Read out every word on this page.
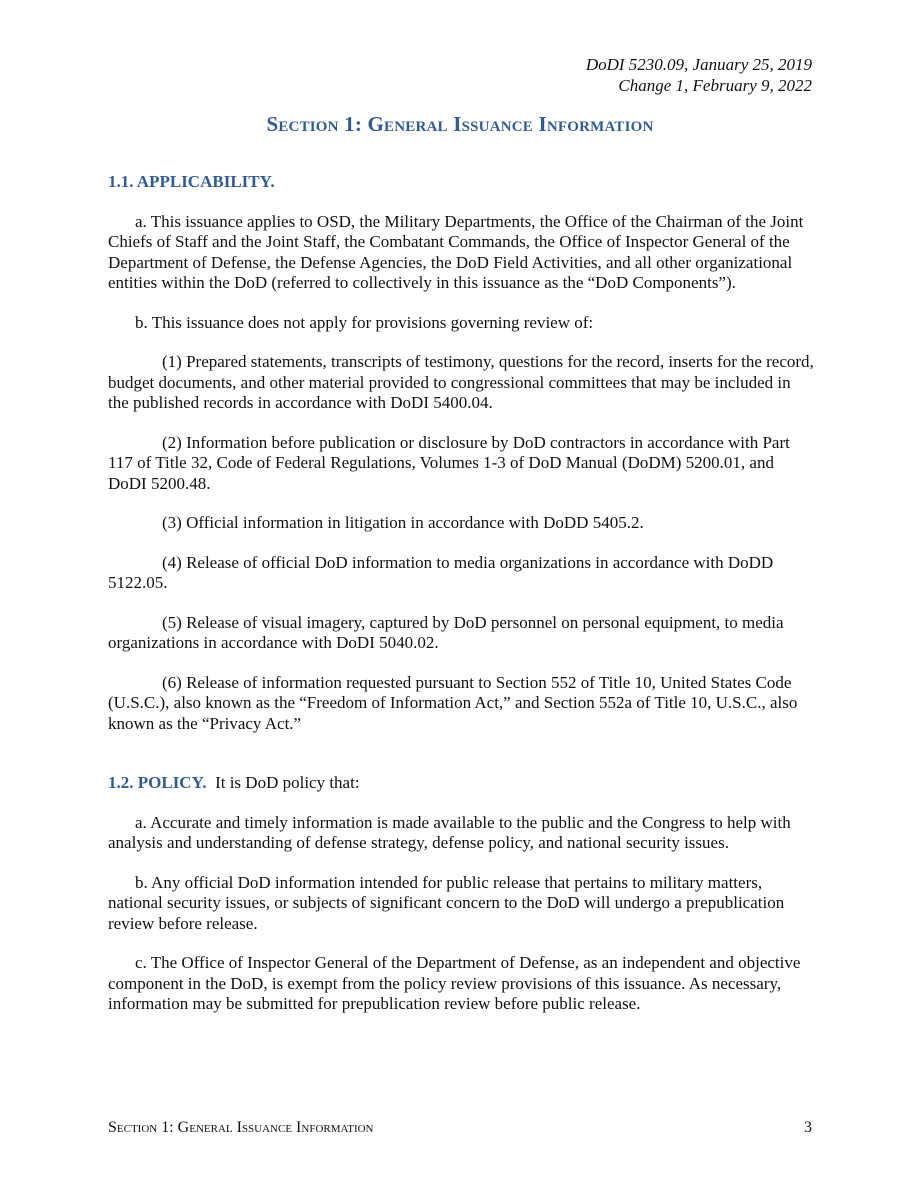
DoDI 5230.09, January 25, 2019
Change 1, February 9, 2022
Section 1: General Issuance Information
1.1. APPLICABILITY.

a. This issuance applies to OSD, the Military Departments, the Office of the Chairman of the Joint Chiefs of Staff and the Joint Staff, the Combatant Commands, the Office of Inspector General of the Department of Defense, the Defense Agencies, the DoD Field Activities, and all other organizational entities within the DoD (referred to collectively in this issuance as the “DoD Components”).

b. This issuance does not apply for provisions governing review of:

(1) Prepared statements, transcripts of testimony, questions for the record, inserts for the record, budget documents, and other material provided to congressional committees that may be included in the published records in accordance with DoDI 5400.04.

(2) Information before publication or disclosure by DoD contractors in accordance with Part 117 of Title 32, Code of Federal Regulations, Volumes 1-3 of DoD Manual (DoDM) 5200.01, and DoDI 5200.48.

(3) Official information in litigation in accordance with DoDD 5405.2.

(4) Release of official DoD information to media organizations in accordance with DoDD 5122.05.

(5) Release of visual imagery, captured by DoD personnel on personal equipment, to media organizations in accordance with DoDI 5040.02.

(6) Release of information requested pursuant to Section 552 of Title 10, United States Code (U.S.C.), also known as the “Freedom of Information Act,” and Section 552a of Title 10, U.S.C., also known as the “Privacy Act.”

1.2. POLICY. It is DoD policy that:

a. Accurate and timely information is made available to the public and the Congress to help with analysis and understanding of defense strategy, defense policy, and national security issues.

b. Any official DoD information intended for public release that pertains to military matters, national security issues, or subjects of significant concern to the DoD will undergo a prepublication review before release.

c. The Office of Inspector General of the Department of Defense, as an independent and objective component in the DoD, is exempt from the policy review provisions of this issuance. As necessary, information may be submitted for prepublication review before public release.

Section 1: General Issuance Information	3
